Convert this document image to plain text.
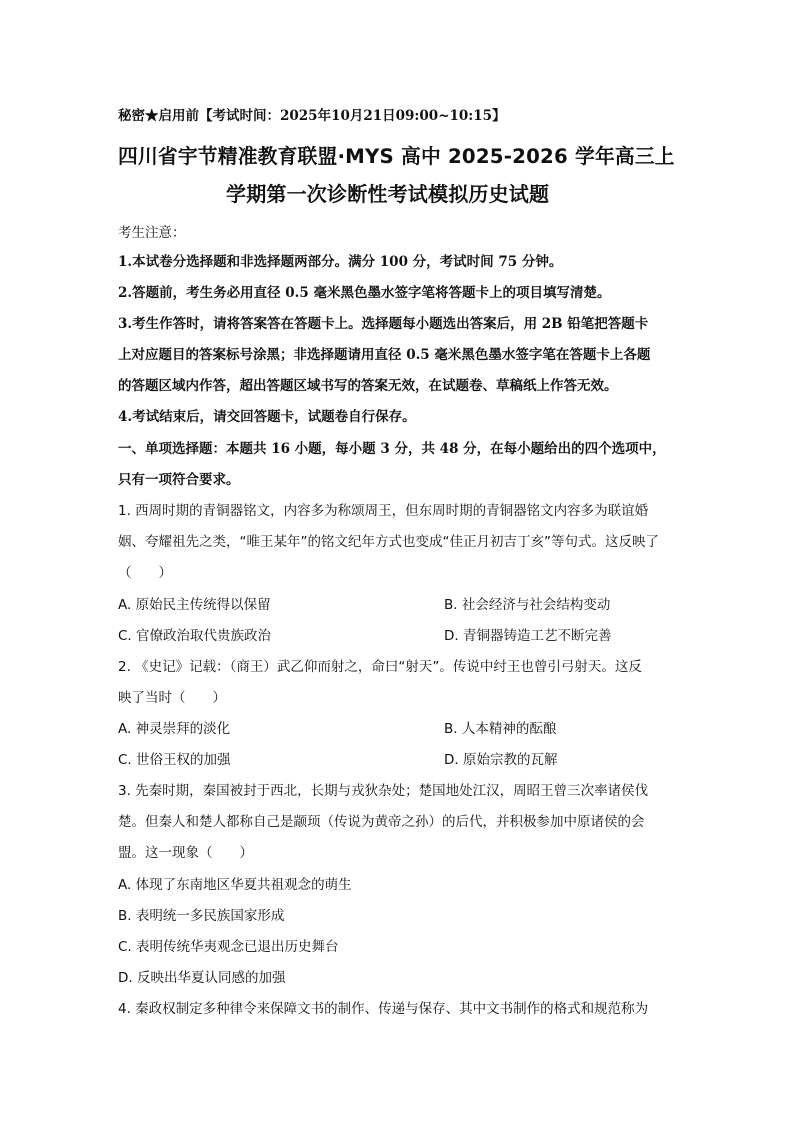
秘密★启用前【考试时间：2025年10月21日09:00~10:15】
四川省宇节精准教育联盟·MYS 高中 2025-2026 学年高三上
学期第一次诊断性考试模拟历史试题
考生注意：
1.本试卷分选择题和非选择题两部分。满分 100 分，考试时间 75 分钟。
2.答题前，考生务必用直径 0.5 毫米黑色墨水签字笔将答题卡上的项目填写清楚。
3.考生作答时，请将答案答在答题卡上。选择题每小题选出答案后，用 2B 铅笔把答题卡
上对应题目的答案标号涂黑；非选择题请用直径 0.5 毫米黑色墨水签字笔在答题卡上各题
的答题区域内作答，超出答题区域书写的答案无效，在试题卷、草稿纸上作答无效。
4.考试结束后，请交回答题卡，试题卷自行保存。
一、单项选择题：本题共 16 小题，每小题 3 分，共 48 分，在每小题给出的四个选项中，
只有一项符合要求。
1. 西周时期的青铜器铭文，内容多为称颂周王，但东周时期的青铜器铭文内容多为联谊婚
姻、夸耀祖先之类，“唯王某年”的铭文纪年方式也变成“佳正月初吉丁亥”等句式。这反映了
（　　）
A. 原始民主传统得以保留	B. 社会经济与社会结构变动
C. 官僚政治取代贵族政治	D. 青铜器铸造工艺不断完善
2. 《史记》记载：（商王）武乙仰而射之，命曰“射天”。传说中纣王也曾引弓射天。这反
映了当时（　　）
A. 神灵崇拜的淡化	B. 人本精神的酝酿
C. 世俗王权的加强	D. 原始宗教的瓦解
3. 先秦时期，秦国被封于西北，长期与戎狄杂处；楚国地处江汉，周昭王曾三次率诸侯伐
楚。但秦人和楚人都称自己是颛顼（传说为黄帝之孙）的后代，并积极参加中原诸侯的会
盟。这一现象（　　）
A. 体现了东南地区华夏共祖观念的萌生
B. 表明统一多民族国家形成
C. 表明传统华夷观念已退出历史舞台
D. 反映出华夏认同感的加强
4. 秦政权制定多种律令来保障文书的制作、传递与保存、其中文书制作的格式和规范称为
